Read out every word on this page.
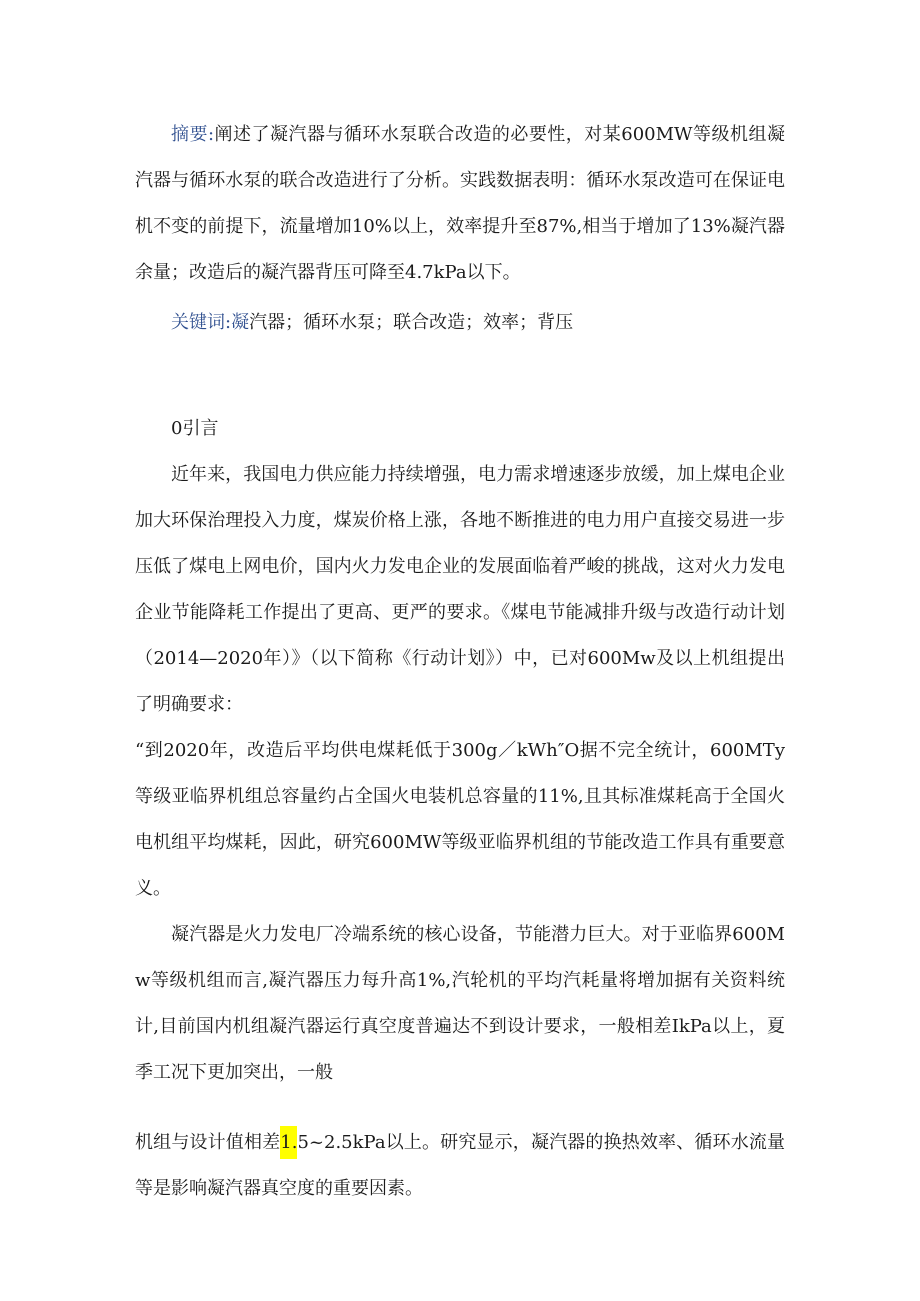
摘要:阐述了凝汽器与循环水泵联合改造的必要性，对某600MW等级机组凝汽器与循环水泵的联合改造进行了分析。实践数据表明：循环水泵改造可在保证电机不变的前提下，流量增加10%以上，效率提升至87%,相当于增加了13%凝汽器余量；改造后的凝汽器背压可降至4.7kPa以下。

关键词:凝汽器；循环水泵；联合改造；效率；背压

0引言

近年来，我国电力供应能力持续增强，电力需求增速逐步放缓，加上煤电企业加大环保治理投入力度，煤炭价格上涨，各地不断推进的电力用户直接交易进一步压低了煤电上网电价，国内火力发电企业的发展面临着严峻的挑战，这对火力发电企业节能降耗工作提出了更高、更严的要求。《煤电节能减排升级与改造行动计划（2014—2020年）》（以下简称《行动计划》）中，已对600Mw及以上机组提出了明确要求：

“到2020年，改造后平均供电煤耗低于300g／kWh″O据不完全统计，600MTy等级亚临界机组总容量约占全国火电装机总容量的11%,且其标准煤耗高于全国火电机组平均煤耗，因此，研究600MW等级亚临界机组的节能改造工作具有重要意义。

凝汽器是火力发电厂冷端系统的核心设备，节能潜力巨大。对于亚临界600Mw等级机组而言,凝汽器压力每升高1%,汽轮机的平均汽耗量将增加据有关资料统计,目前国内机组凝汽器运行真空度普遍达不到设计要求，一般相差IkPa以上，夏季工况下更加突出，一般

机组与设计值相差1.5~2.5kPa以上。研究显示，凝汽器的换热效率、循环水流量等是影响凝汽器真空度的重要因素。
